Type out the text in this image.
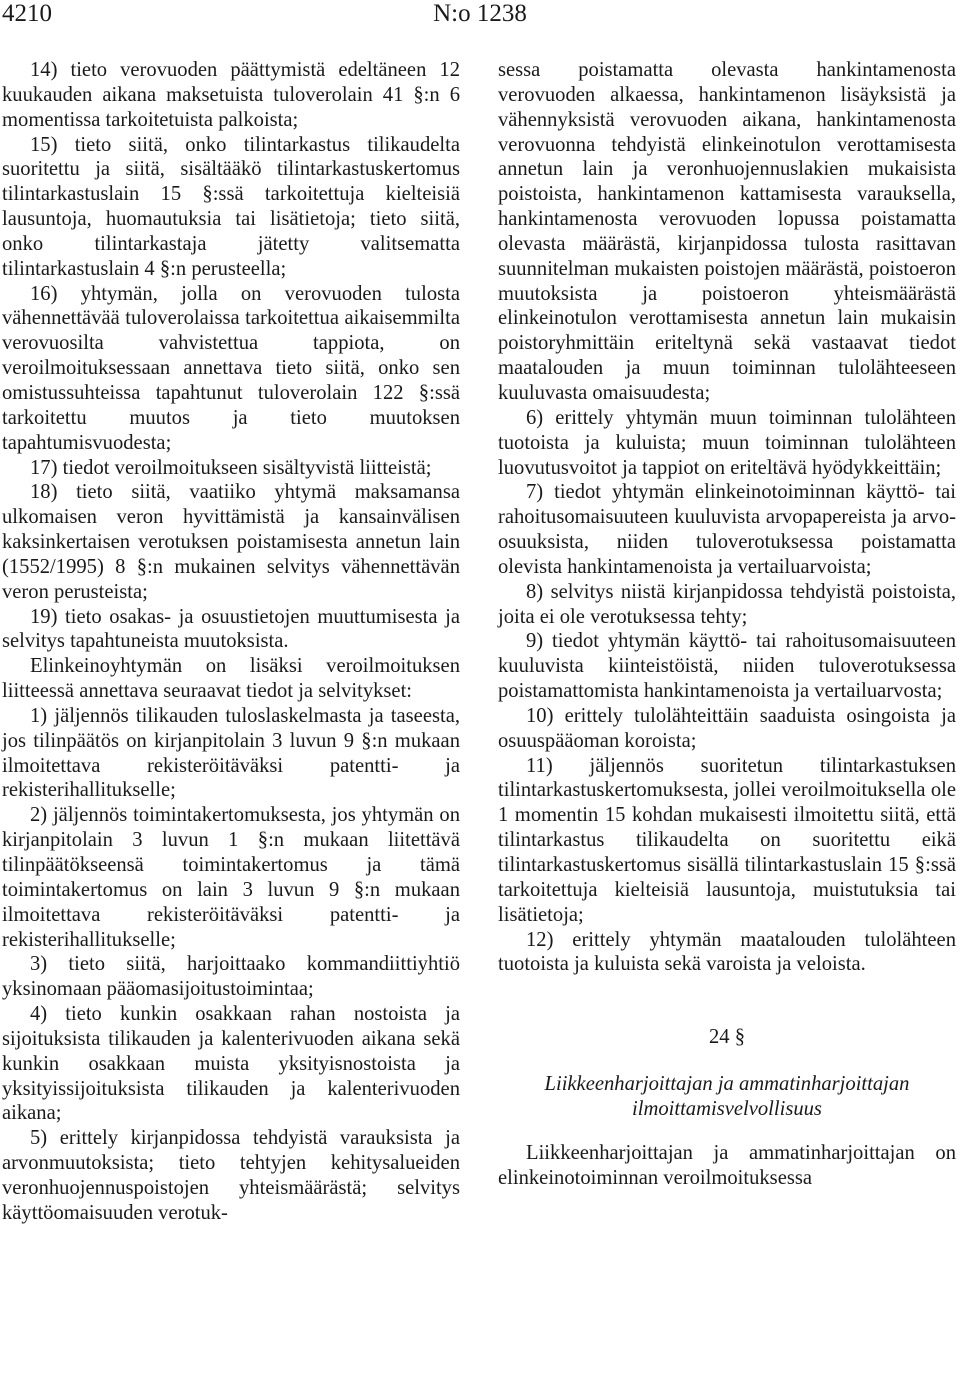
4210	N:o 1238

14) tieto verovuoden päättymistä edeltäneen 12 kuukauden aikana maksetuista tuloverolain 41 §:n 6 momentissa tarkoitetuista palkoista;

15) tieto siitä, onko tilintarkastus tilikaudelta suoritettu ja siitä, sisältääkö tilintarkastuskertomus tilintarkastuslain 15 §:ssä tarkoitettuja kielteisiä lausuntoja, huomautuksia tai lisätietoja; tieto siitä, onko tilintarkastaja jätetty valitsematta tilintarkastuslain 4 §:n perusteella;

16) yhtymän, jolla on verovuoden tulosta vähennettävää tuloverolaissa tarkoitettua aikaisemmilta verovuosilta vahvistettua tappiota, on veroilmoituksessaan annettava tieto siitä, onko sen omistussuhteissa tapahtunut tuloverolain 122 §:ssä tarkoitettu muutos ja tieto muutoksen tapahtumisvuodesta;

17) tiedot veroilmoitukseen sisältyvistä liitteistä;

18) tieto siitä, vaatiiko yhtymä maksamansa ulkomaisen veron hyvittämistä ja kansainvälisen kaksinkertaisen verotuksen poistamisesta annetun lain (1552/1995) 8 §:n mukainen selvitys vähennettävän veron perusteista;

19) tieto osakas- ja osuustietojen muuttumisesta ja selvitys tapahtuneista muutoksista.

Elinkeinoyhtymän on lisäksi veroilmoituksen liitteessä annettava seuraavat tiedot ja selvitykset:

1) jäljennös tilikauden tuloslaskelmasta ja taseesta, jos tilinpäätös on kirjanpitolain 3 luvun 9 §:n mukaan ilmoitettava rekisteröitäväksi patentti- ja rekisterihallitukselle;

2) jäljennös toimintakertomuksesta, jos yhtymän on kirjanpitolain 3 luvun 1 §:n mukaan liitettävä tilinpäätökseensä toimintakertomus ja tämä toimintakertomus on lain 3 luvun 9 §:n mukaan ilmoitettava rekisteröitäväksi patentti- ja rekisterihallitukselle;

3) tieto siitä, harjoittaako kommandiittiyhtiö yksinomaan pääomasijoitustoimintaa;

4) tieto kunkin osakkaan rahan nostoista ja sijoituksista tilikauden ja kalenterivuoden aikana sekä kunkin osakkaan muista yksityisnostoista ja yksityissijoituksista tilikauden ja kalenterivuoden aikana;

5) erittely kirjanpidossa tehdyistä varauksista ja arvonmuutoksista; tieto tehtyjen kehitysalueiden veronhuojennuspoistojen yhteismäärästä; selvitys käyttöomaisuuden verotuk-

sessa poistamatta olevasta hankintamenosta verovuoden alkaessa, hankintamenon lisäyksistä ja vähennyksistä verovuoden aikana, hankintamenosta verovuonna tehdyistä elinkeinotulon verottamisesta annetun lain ja veronhuojennuslakien mukaisista poistoista, hankintamenon kattamisesta varauksella, hankintamenosta verovuoden lopussa poistamatta olevasta määrästä, kirjanpidossa tulosta rasittavan suunnitelman mukaisten poistojen määrästä, poistoeron muutoksista ja poistoeron yhteismäärästä elinkeinotulon verottamisesta annetun lain mukaisin poistoryhmittäin eriteltynä sekä vastaavat tiedot maatalouden ja muun toiminnan tulolähteeseen kuuluvasta omaisuudesta;

6) erittely yhtymän muun toiminnan tulolähteen tuotoista ja kuluista; muun toiminnan tulolähteen luovutusvoitot ja tappiot on eriteltävä hyödykkeittäin;

7) tiedot yhtymän elinkeinotoiminnan käyttö- tai rahoitusomaisuuteen kuuluvista arvopapereista ja arvo-osuuksista, niiden tuloverotuksessa poistamatta olevista hankintamenoista ja vertailuarvoista;

8) selvitys niistä kirjanpidossa tehdyistä poistoista, joita ei ole verotuksessa tehty;

9) tiedot yhtymän käyttö- tai rahoitusomaisuuteen kuuluvista kiinteistöistä, niiden tuloverotuksessa poistamattomista hankintamenoista ja vertailuarvosta;

10) erittely tulolähteittäin saaduista osingoista ja osuuspääoman koroista;

11) jäljennös suoritetun tilintarkastuksen tilintarkastuskertomuksesta, jollei veroilmoituksella ole 1 momentin 15 kohdan mukaisesti ilmoitettu siitä, että tilintarkastus tilikaudelta on suoritettu eikä tilintarkastuskertomus sisällä tilintarkastuslain 15 §:ssä tarkoitettuja kielteisiä lausuntoja, muistutuksia tai lisätietoja;

12) erittely yhtymän maatalouden tulolähteen tuotoista ja kuluista sekä varoista ja veloista.

24 §

Liikkeenharjoittajan ja ammatinharjoittajan ilmoittamisvelvollisuus

Liikkeenharjoittajan ja ammatinharjoittajan on elinkeinotoiminnan veroilmoituksessa
